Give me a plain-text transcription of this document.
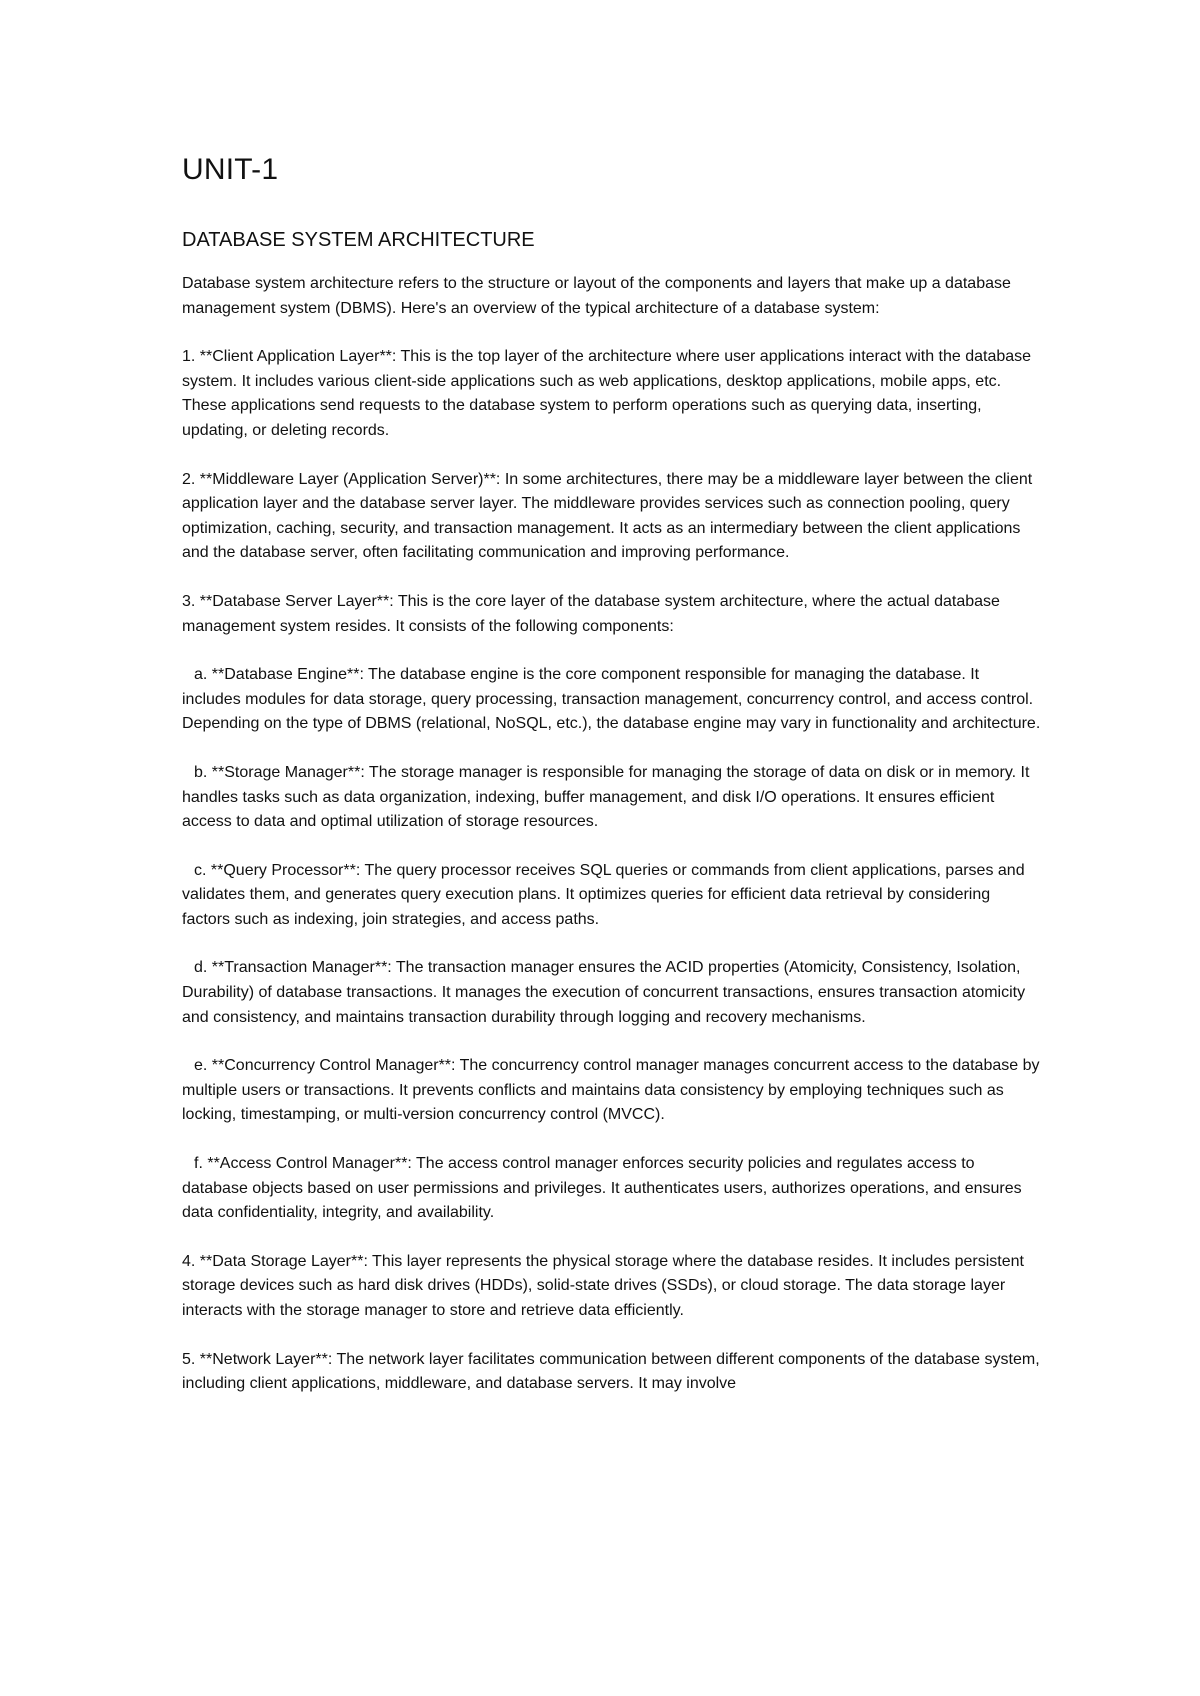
UNIT-1
DATABASE SYSTEM ARCHITECTURE

Database system architecture refers to the structure or layout of the components and layers that make up a database management system (DBMS). Here's an overview of the typical architecture of a database system:

1. **Client Application Layer**: This is the top layer of the architecture where user applications interact with the database system. It includes various client-side applications such as web applications, desktop applications, mobile apps, etc. These applications send requests to the database system to perform operations such as querying data, inserting, updating, or deleting records.

2. **Middleware Layer (Application Server)**: In some architectures, there may be a middleware layer between the client application layer and the database server layer. The middleware provides services such as connection pooling, query optimization, caching, security, and transaction management. It acts as an intermediary between the client applications and the database server, often facilitating communication and improving performance.

3. **Database Server Layer**: This is the core layer of the database system architecture, where the actual database management system resides. It consists of the following components:

a. **Database Engine**: The database engine is the core component responsible for managing the database. It includes modules for data storage, query processing, transaction management, concurrency control, and access control. Depending on the type of DBMS (relational, NoSQL, etc.), the database engine may vary in functionality and architecture.

b. **Storage Manager**: The storage manager is responsible for managing the storage of data on disk or in memory. It handles tasks such as data organization, indexing, buffer management, and disk I/O operations. It ensures efficient access to data and optimal utilization of storage resources.

c. **Query Processor**: The query processor receives SQL queries or commands from client applications, parses and validates them, and generates query execution plans. It optimizes queries for efficient data retrieval by considering factors such as indexing, join strategies, and access paths.

d. **Transaction Manager**: The transaction manager ensures the ACID properties (Atomicity, Consistency, Isolation, Durability) of database transactions. It manages the execution of concurrent transactions, ensures transaction atomicity and consistency, and maintains transaction durability through logging and recovery mechanisms.

e. **Concurrency Control Manager**: The concurrency control manager manages concurrent access to the database by multiple users or transactions. It prevents conflicts and maintains data consistency by employing techniques such as locking, timestamping, or multi-version concurrency control (MVCC).

f. **Access Control Manager**: The access control manager enforces security policies and regulates access to database objects based on user permissions and privileges. It authenticates users, authorizes operations, and ensures data confidentiality, integrity, and availability.

4. **Data Storage Layer**: This layer represents the physical storage where the database resides. It includes persistent storage devices such as hard disk drives (HDDs), solid-state drives (SSDs), or cloud storage. The data storage layer interacts with the storage manager to store and retrieve data efficiently.

5. **Network Layer**: The network layer facilitates communication between different components of the database system, including client applications, middleware, and database servers. It may involve
